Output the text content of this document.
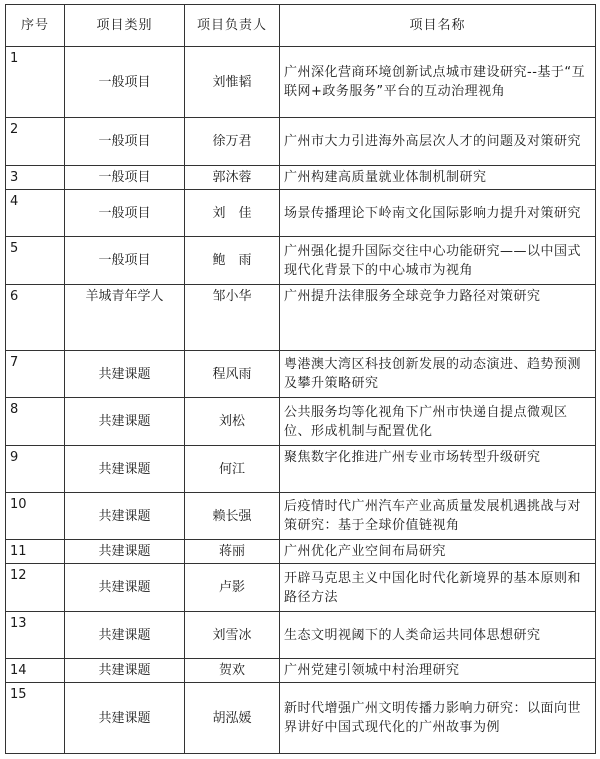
序号	项目类别	项目负责人	项目名称
1	一般项目	刘惟韬	广州深化营商环境创新试点城市建设研究--基于“互联网+政务服务”平台的互动治理视角
2	一般项目	徐万君	广州市大力引进海外高层次人才的问题及对策研究
3	一般项目	郭沐蓉	广州构建高质量就业体制机制研究
4	一般项目	刘　佳	场景传播理论下岭南文化国际影响力提升对策研究
5	一般项目	鲍　雨	广州强化提升国际交往中心功能研究——以中国式现代化背景下的中心城市为视角
6	羊城青年学人	邹小华	广州提升法律服务全球竞争力路径对策研究
7	共建课题	程风雨	粤港澳大湾区科技创新发展的动态演进、趋势预测及攀升策略研究
8	共建课题	刘松	公共服务均等化视角下广州市快递自提点微观区位、形成机制与配置优化
9	共建课题	何江	聚焦数字化推进广州专业市场转型升级研究
10	共建课题	赖长强	后疫情时代广州汽车产业高质量发展机遇挑战与对策研究：基于全球价值链视角
11	共建课题	蒋丽	广州优化产业空间布局研究
12	共建课题	卢影	开辟马克思主义中国化时代化新境界的基本原则和路径方法
13	共建课题	刘雪冰	生态文明视阈下的人类命运共同体思想研究
14	共建课题	贺欢	广州党建引领城中村治理研究
15	共建课题	胡泓媛	新时代增强广州文明传播力影响力研究：以面向世界讲好中国式现代化的广州故事为例
